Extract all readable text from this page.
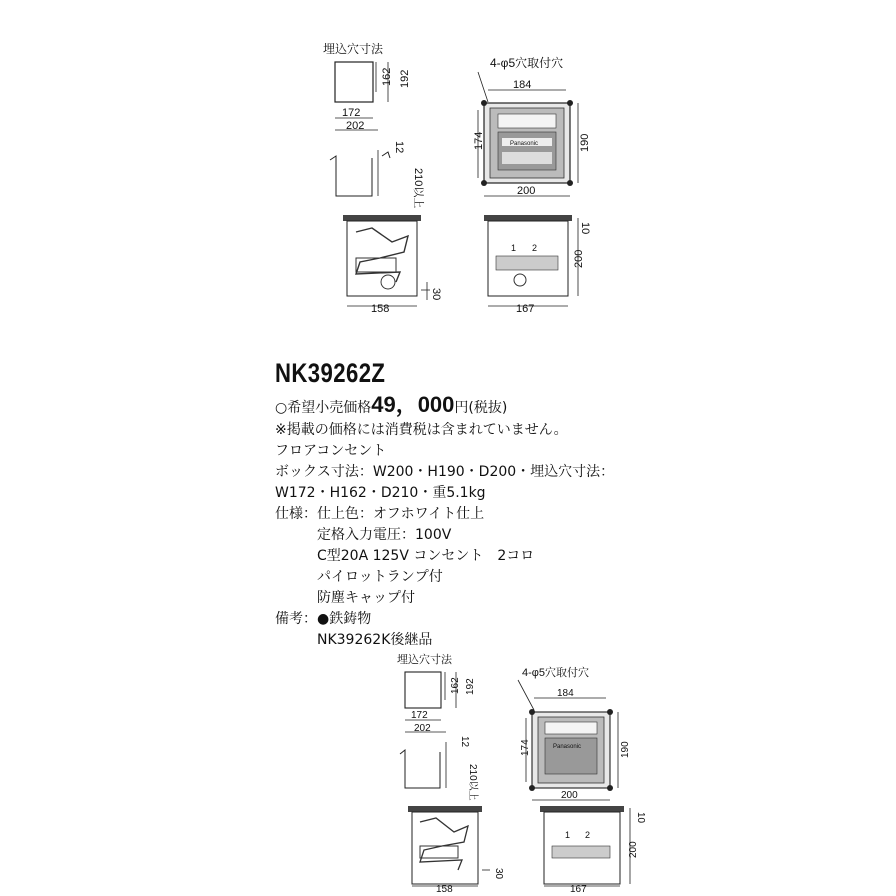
埋込穴寸法
162 192
172
202
12
210以上
4-φ5穴取付穴
184
Panasonic
174	190
200
30
158
1 2
10
200
167
NK39262Z
○希望小売価格49，000円(税抜)
※掲載の価格には消費税は含まれていません。
フロアコンセント
ボックス寸法：W200・H190・D200・埋込穴寸法：
W172・H162・D210・重5.1kg
仕様：仕上色：オフホワイト仕上
　　　定格入力電圧：100V
　　　C型20A 125V コンセント　2コロ
　　　パイロットランプ付
　　　防塵キャップ付
備考：●鉄鋳物
　　　NK39262K後継品
埋込穴寸法
162 192
172
202
12
210以上
4-φ5穴取付穴
184
Panasonic
174	190
200
30
158
1 2
10
200
167
